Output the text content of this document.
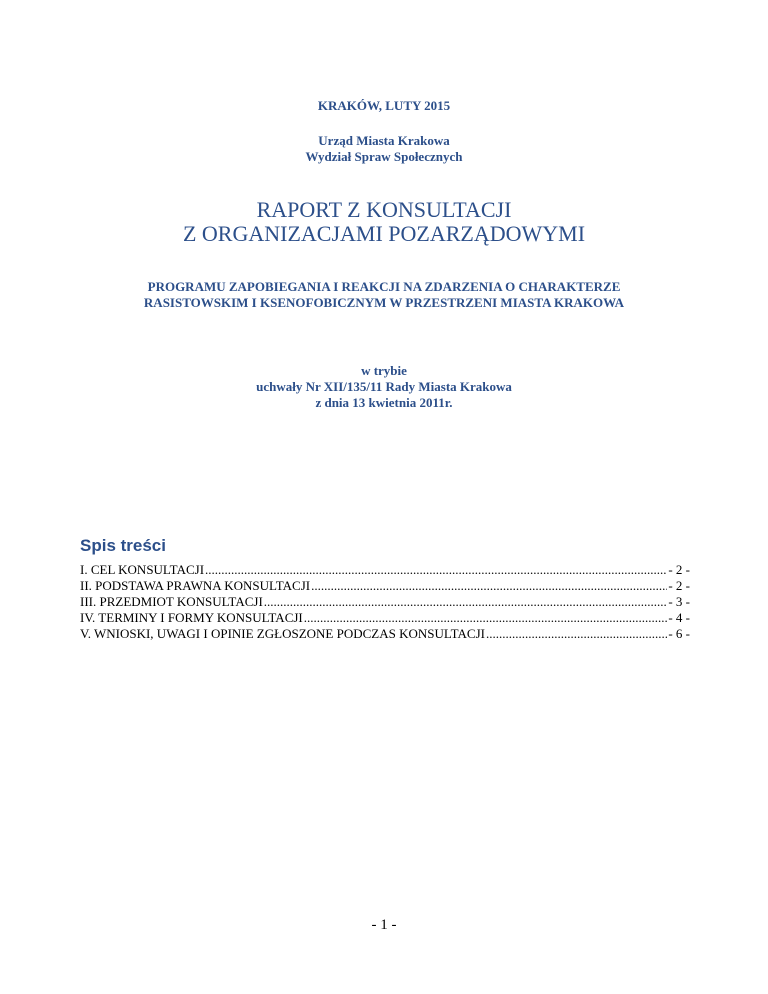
KRAKÓW, LUTY 2015
Urząd Miasta Krakowa
Wydział Spraw Społecznych
RAPORT Z KONSULTACJI
Z ORGANIZACJAMI POZARZĄDOWYMI
PROGRAMU ZAPOBIEGANIA I REAKCJI NA ZDARZENIA O CHARAKTERZE
RASISTOWSKIM I KSENOFOBICZNYM W PRZESTRZENI MIASTA KRAKOWA
w trybie
uchwały Nr XII/135/11 Rady Miasta Krakowa
z dnia 13 kwietnia 2011r.
Spis treści
I. CEL KONSULTACJI .....	- 2 -
II. PODSTAWA PRAWNA KONSULTACJI .....	- 2 -
III. PRZEDMIOT KONSULTACJI .....	- 3 -
IV. TERMINY I FORMY KONSULTACJI .....	- 4 -
V. WNIOSKI, UWAGI I OPINIE ZGŁOSZONE PODCZAS KONSULTACJI .....	- 6 -
- 1 -
